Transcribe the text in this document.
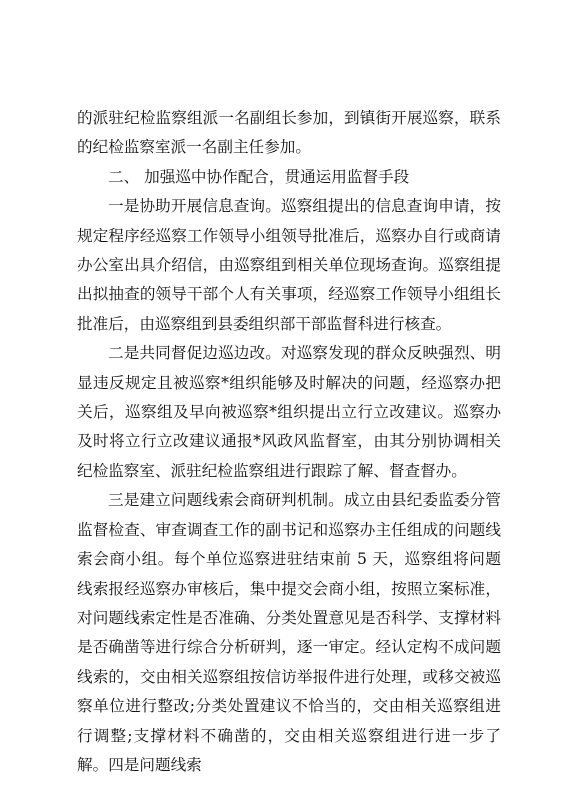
的派驻纪检监察组派一名副组长参加，到镇街开展巡察，联系的纪检监察室派一名副主任参加。

二、 加强巡中协作配合，贯通运用监督手段

一是协助开展信息查询。巡察组提出的信息查询申请，按规定程序经巡察工作领导小组领导批准后，巡察办自行或商请办公室出具介绍信，由巡察组到相关单位现场查询。巡察组提出拟抽查的领导干部个人有关事项，经巡察工作领导小组组长批准后，由巡察组到县委组织部干部监督科进行核查。

二是共同督促边巡边改。对巡察发现的群众反映强烈、明显违反规定且被巡察*组织能够及时解决的问题，经巡察办把关后，巡察组及早向被巡察*组织提出立行立改建议。巡察办及时将立行立改建议通报*风政风监督室，由其分别协调相关纪检监察室、派驻纪检监察组进行跟踪了解、督查督办。

三是建立问题线索会商研判机制。成立由县纪委监委分管监督检查、审查调查工作的副书记和巡察办主任组成的问题线索会商小组。每个单位巡察进驻结束前 5 天，巡察组将问题线索报经巡察办审核后，集中提交会商小组，按照立案标准，对问题线索定性是否准确、分类处置意见是否科学、支撑材料是否确凿等进行综合分析研判，逐一审定。经认定构不成问题线索的，交由相关巡察组按信访举报件进行处理，或移交被巡察单位进行整改;分类处置建议不恰当的，交由相关巡察组进行调整;支撑材料不确凿的，交由相关巡察组进行进一步了解。四是问题线索
